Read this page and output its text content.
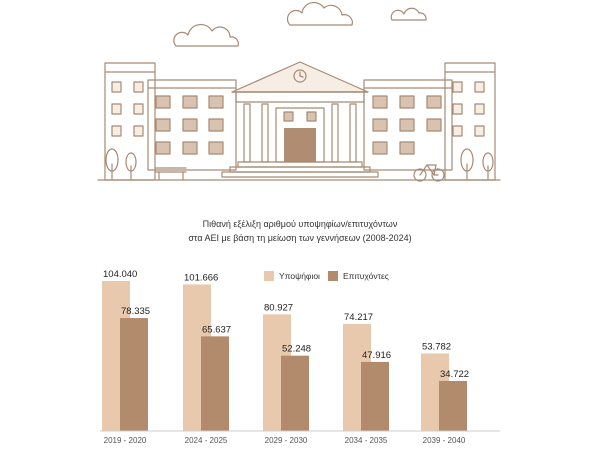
Πιθανή εξέλιξη αριθμού υποψηφίων/επιτυχόντων
στα ΑΕΙ με βάση τη μείωση των γεννήσεων (2008-2024)
Υποψήφιοι	Επιτυχόντες
104.040
78.335
101.666
65.637
80.927
52.248
74.217
47.916
53.782
34.722
2019 - 2020	2024 - 2025	2029 - 2030	2034 - 2035	2039 - 2040
